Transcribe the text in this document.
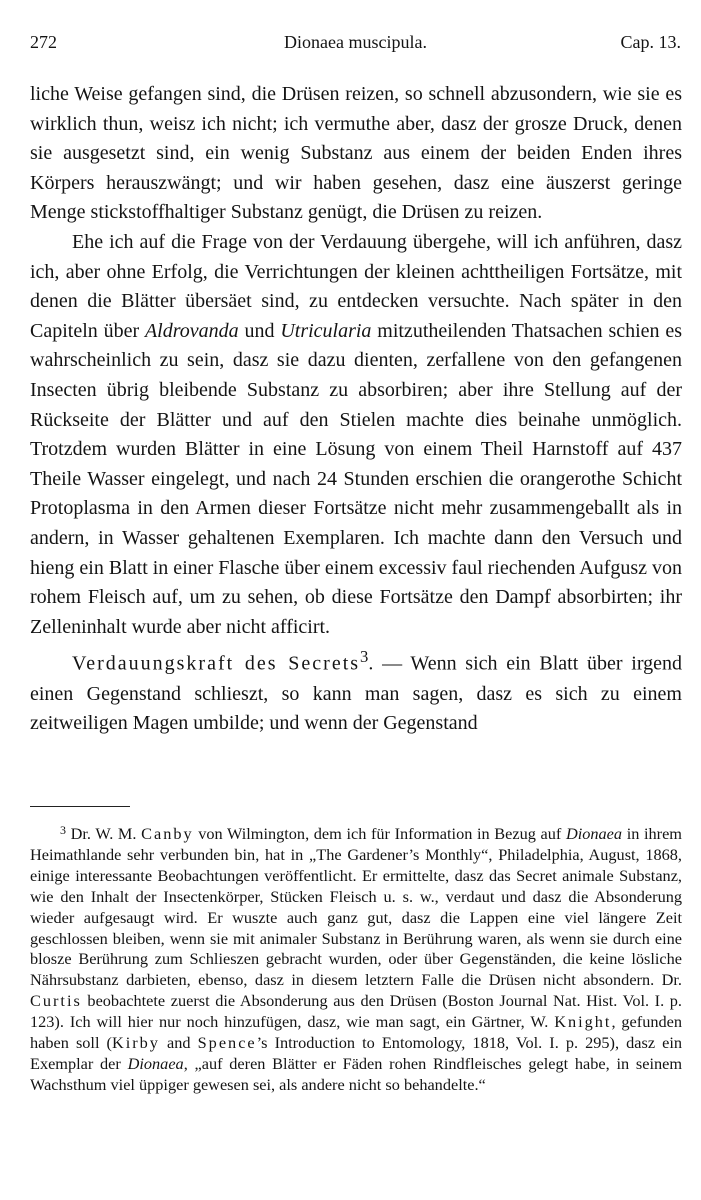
272	Dionaea muscipula.	Cap. 13.

liche Weise gefangen sind, die Drüsen reizen, so schnell abzusondern, wie sie es wirklich thun, weisz ich nicht; ich vermuthe aber, dasz der grosze Druck, denen sie ausgesetzt sind, ein wenig Substanz aus einem der beiden Enden ihres Körpers herauszwängt; und wir haben gesehen, dasz eine äuszerst geringe Menge stickstoffhaltiger Substanz genügt, die Drüsen zu reizen.

Ehe ich auf die Frage von der Verdauung übergehe, will ich anführen, dasz ich, aber ohne Erfolg, die Verrichtungen der kleinen achttheiligen Fortsätze, mit denen die Blätter übersäet sind, zu entdecken versuchte. Nach später in den Capiteln über Aldrovanda und Utricularia mitzutheilenden Thatsachen schien es wahrscheinlich zu sein, dasz sie dazu dienten, zerfallene von den gefangenen Insecten übrig bleibende Substanz zu absorbiren; aber ihre Stellung auf der Rückseite der Blätter und auf den Stielen machte dies beinahe unmöglich. Trotzdem wurden Blätter in eine Lösung von einem Theil Harnstoff auf 437 Theile Wasser eingelegt, und nach 24 Stunden erschien die orangerothe Schicht Protoplasma in den Armen dieser Fortsätze nicht mehr zusammengeballt als in andern, in Wasser gehaltenen Exemplaren. Ich machte dann den Versuch und hieng ein Blatt in einer Flasche über einem excessiv faul riechenden Aufgusz von rohem Fleisch auf, um zu sehen, ob diese Fortsätze den Dampf absorbirten; ihr Zelleninhalt wurde aber nicht afficirt.

Verdauungskraft des Secrets$^3$. — Wenn sich ein Blatt über irgend einen Gegenstand schlieszt, so kann man sagen, dasz es sich zu einem zeitweiligen Magen umbilde; und wenn der Gegenstand

$^3$ Dr. W. M. Canby von Wilmington, dem ich für Information in Bezug auf Dionaea in ihrem Heimathlande sehr verbunden bin, hat in „The Gardener’s Monthly“, Philadelphia, August, 1868, einige interessante Beobachtungen veröffentlicht. Er ermittelte, dasz das Secret animale Substanz, wie den Inhalt der Insectenkörper, Stücken Fleisch u. s. w., verdaut und dasz die Absonderung wieder aufgesaugt wird. Er wuszte auch ganz gut, dasz die Lappen eine viel längere Zeit geschlossen bleiben, wenn sie mit animaler Substanz in Berührung waren, als wenn sie durch eine blosze Berührung zum Schlieszen gebracht wurden, oder über Gegenständen, die keine lösliche Nährsubstanz darbieten, ebenso, dasz in diesem letztern Falle die Drüsen nicht absondern. Dr. Curtis beobachtete zuerst die Absonderung aus den Drüsen (Boston Journal Nat. Hist. Vol. I. p. 123). Ich will hier nur noch hinzufügen, dasz, wie man sagt, ein Gärtner, W. Knight, gefunden haben soll (Kirby and Spence’s Introduction to Entomology, 1818, Vol. I. p. 295), dasz ein Exemplar der Dionaea, „auf deren Blätter er Fäden rohen Rindfleisches gelegt habe, in seinem Wachsthum viel üppiger gewesen sei, als andere nicht so behandelte.“
